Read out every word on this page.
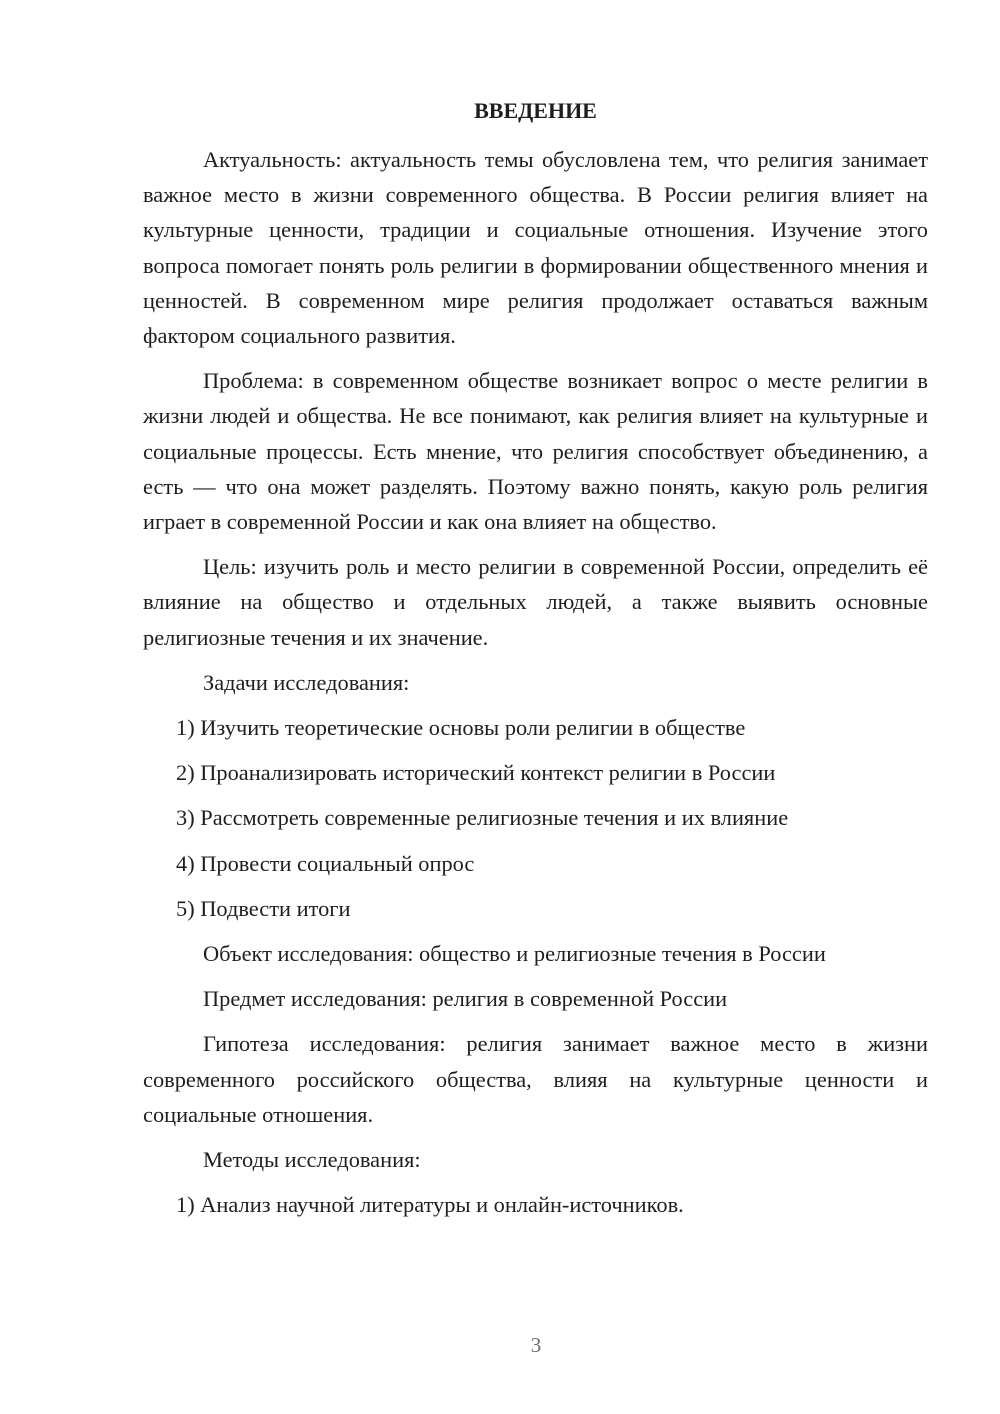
ВВЕДЕНИЕ

Актуальность: актуальность темы обусловлена тем, что религия занимает важное место в жизни современного общества. В России религия влияет на культурные ценности, традиции и социальные отношения. Изучение этого вопроса помогает понять роль религии в формировании общественного мнения и ценностей. В современном мире религия продолжает оставаться важным фактором социального развития.

Проблема: в современном обществе возникает вопрос о месте религии в жизни людей и общества. Не все понимают, как религия влияет на культурные и социальные процессы. Есть мнение, что религия способствует объединению, а есть — что она может разделять. Поэтому важно понять, какую роль религия играет в современной России и как она влияет на общество.

Цель: изучить роль и место религии в современной России, определить её влияние на общество и отдельных людей, а также выявить основные религиозные течения и их значение.

Задачи исследования:

1) Изучить теоретические основы роли религии в обществе

2) Проанализировать исторический контекст религии в России

3) Рассмотреть современные религиозные течения и их влияние

4) Провести социальный опрос

5) Подвести итоги

Объект исследования: общество и религиозные течения в России

Предмет исследования: религия в современной России

Гипотеза исследования: религия занимает важное место в жизни современного российского общества, влияя на культурные ценности и социальные отношения.

Методы исследования:

1) Анализ научной литературы и онлайн-источников.

3
